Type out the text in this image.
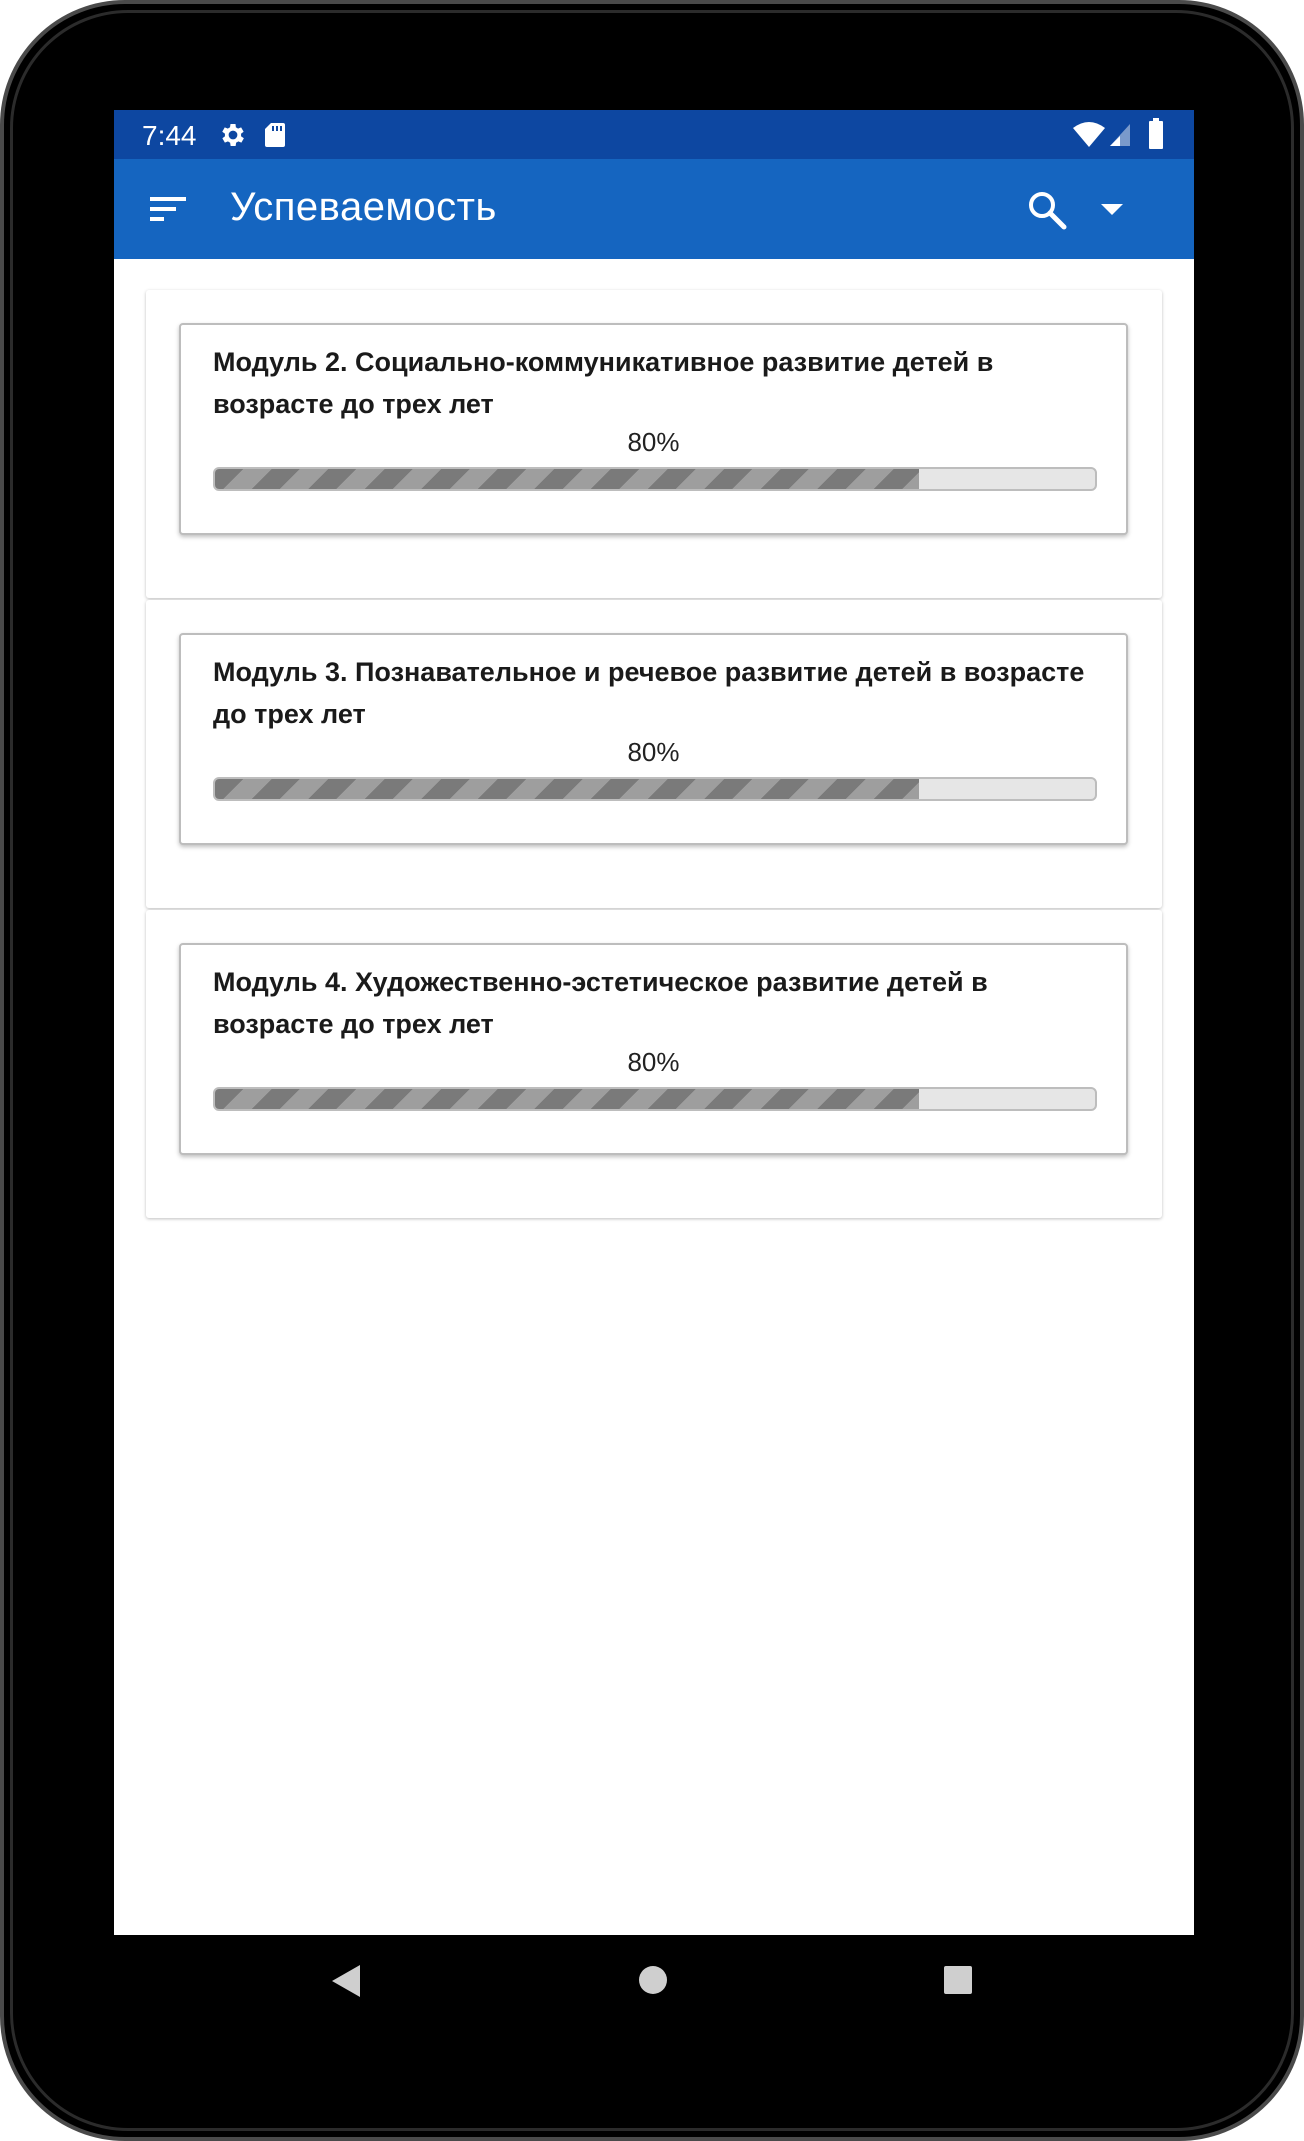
7:44
Успеваемость
Модуль 2. Социально-коммуникативное развитие детей в возрасте до трех лет
80%
Модуль 3. Познавательное и речевое развитие детей в возрасте до трех лет
80%
Модуль 4. Художественно-эстетическое развитие детей в возрасте до трех лет
80%
